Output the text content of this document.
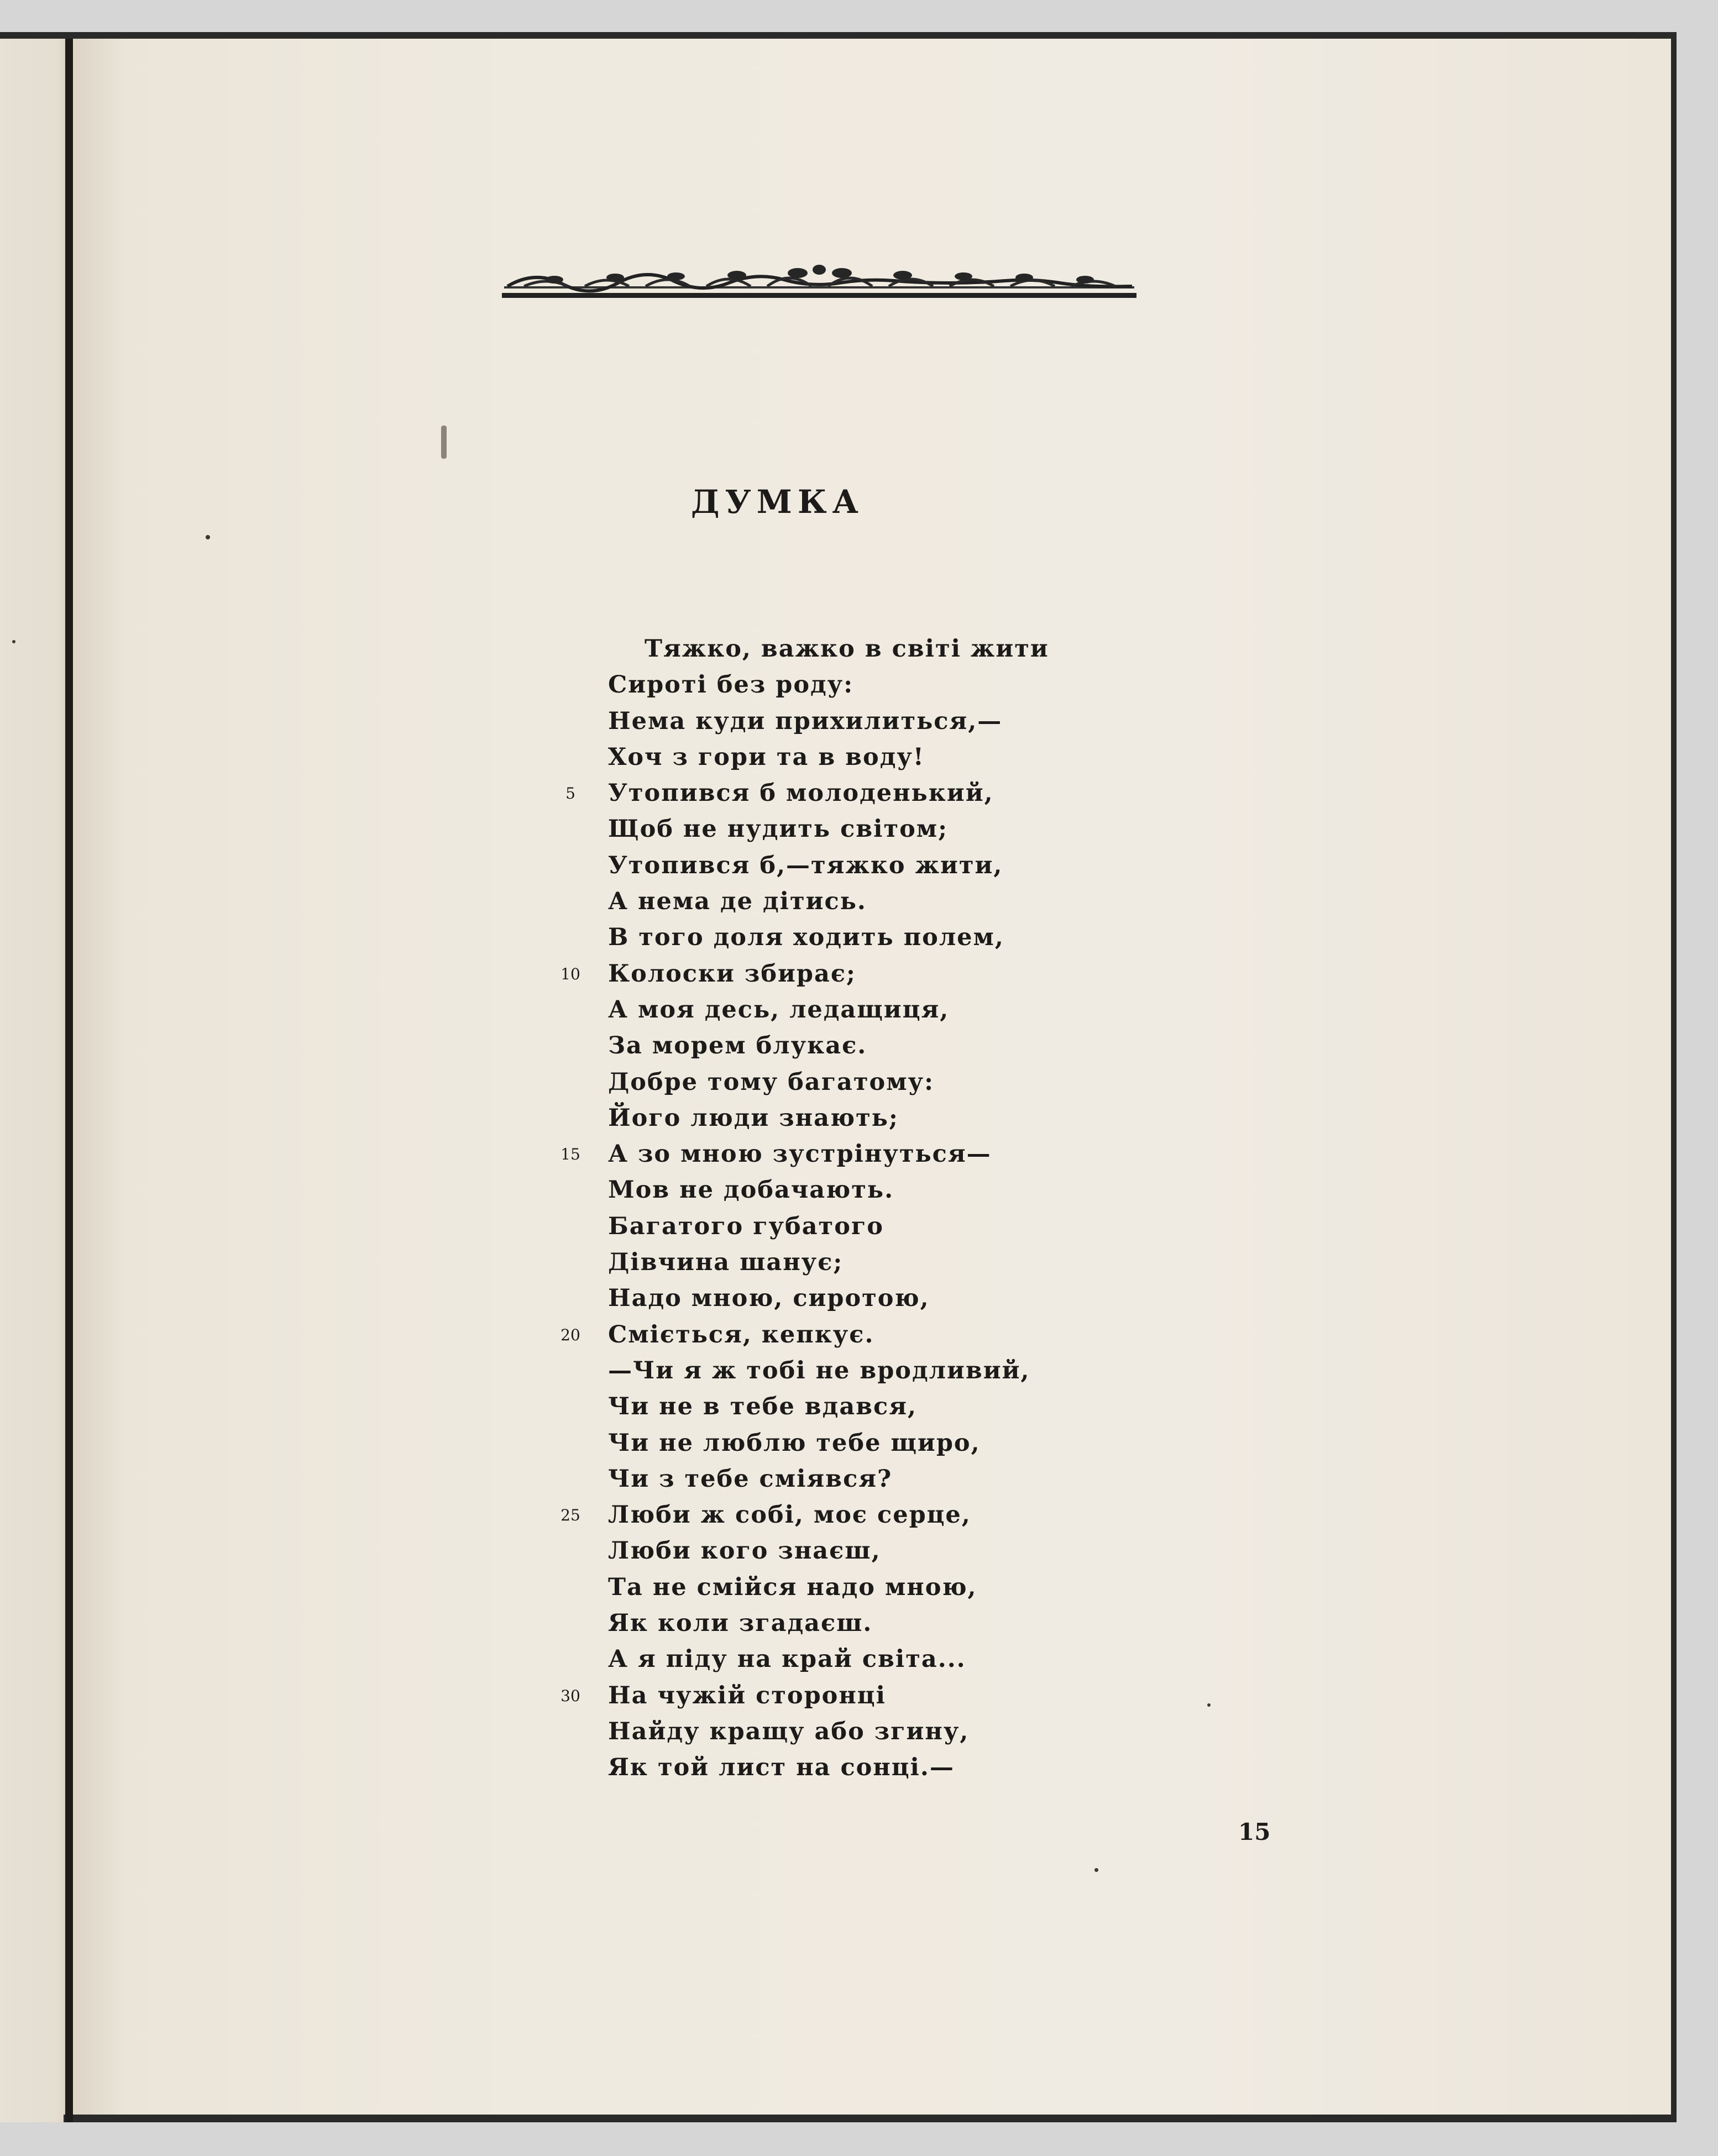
ДУМКА
Тяжко, важко в світі жити
Сироті без роду:
Нема куди прихилиться,—
Хоч з гори та в воду!
Утопився б молоденький,
Щоб не нудить світом;
Утопився б,—тяжко жити,
А нема де дітись.
В того доля ходить полем,
Колоски збирає;
А моя десь, ледащиця,
За морем блукає.
Добре тому багатому:
Його люди знають;
А зо мною зустрінуться—
Мов не добачають.
Багатого губатого
Дівчина шанує;
Надо мною, сиротою,
Сміється, кепкує.
—Чи я ж тобі не вродливий,
Чи не в тебе вдався,
Чи не люблю тебе щиро,
Чи з тебе сміявся?
Люби ж собі, моє серце,
Люби кого знаєш,
Та не смійся надо мною,
Як коли згадаєш.
А я піду на край світа...
На чужій сторонці
Найду кращу або згину,
Як той лист на сонці.—
5
10
15
20
25
30

15
